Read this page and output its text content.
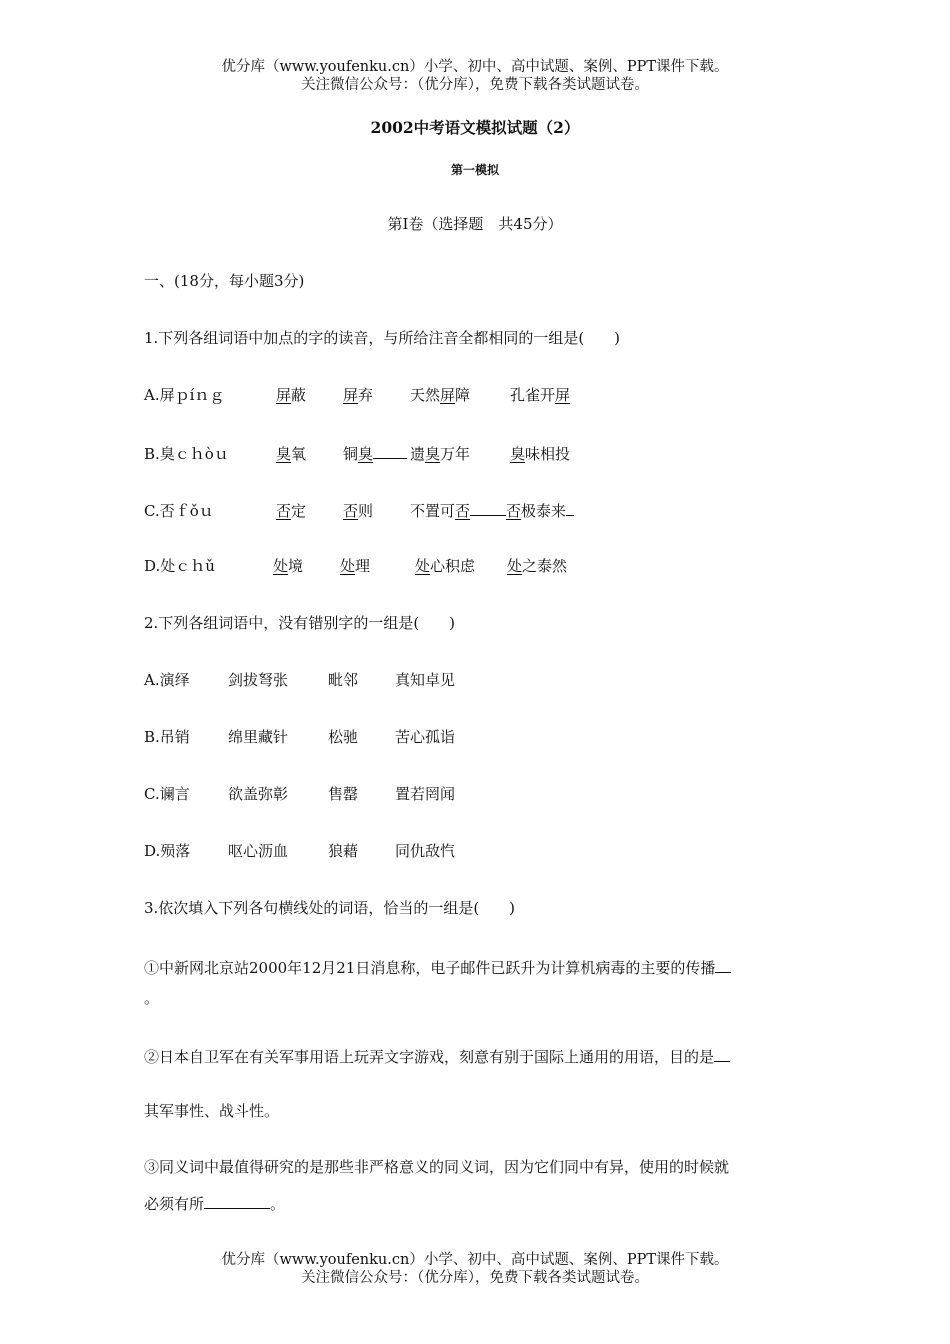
优分库（www.youfenku.cn）小学、初中、高中试题、案例、PPT课件下载。
关注微信公众号：（优分库），免费下载各类试题试卷。
2002中考语文模拟试题（2）
第一模拟
第Ⅰ卷（选择题　共45分）
一、(18分，每小题3分)
1.下列各组词语中加点的字的读音，与所给注音全都相同的一组是(　　)
A.屏ｐíｎｇ	屏蔽 屏弃 天然屏障	孔雀开屏
B.臭ｃｈòｕ	臭氧 铜臭 遗臭万年	臭味相投
C.否ｆǒｕ	否定 否则 不置可否 否极泰来
D.处ｃｈǔ	处境 处理	处心积虑 处之泰然
2.下列各组词语中，没有错别字的一组是(　　)
A.演绎	剑拔弩张	毗邻 真知卓见
B.吊销	绵里藏针	松驰 苦心孤诣
C.谰言	欲盖弥彰	售罄 置若罔闻
D.殒落	呕心沥血	狼藉 同仇敌忾
3.依次填入下列各句横线处的词语，恰当的一组是(　　)
①中新网北京站2000年12月21日消息称，电子邮件已跃升为计算机病毒的主要的传播
。
②日本自卫军在有关军事用语上玩弄文字游戏，刻意有别于国际上通用的用语，目的是
其军事性、战斗性。
③同义词中最值得研究的是那些非严格意义的同义词，因为它们同中有异，使用的时候就
必须有所	。
优分库（www.youfenku.cn）小学、初中、高中试题、案例、PPT课件下载。
关注微信公众号：（优分库），免费下载各类试题试卷。
